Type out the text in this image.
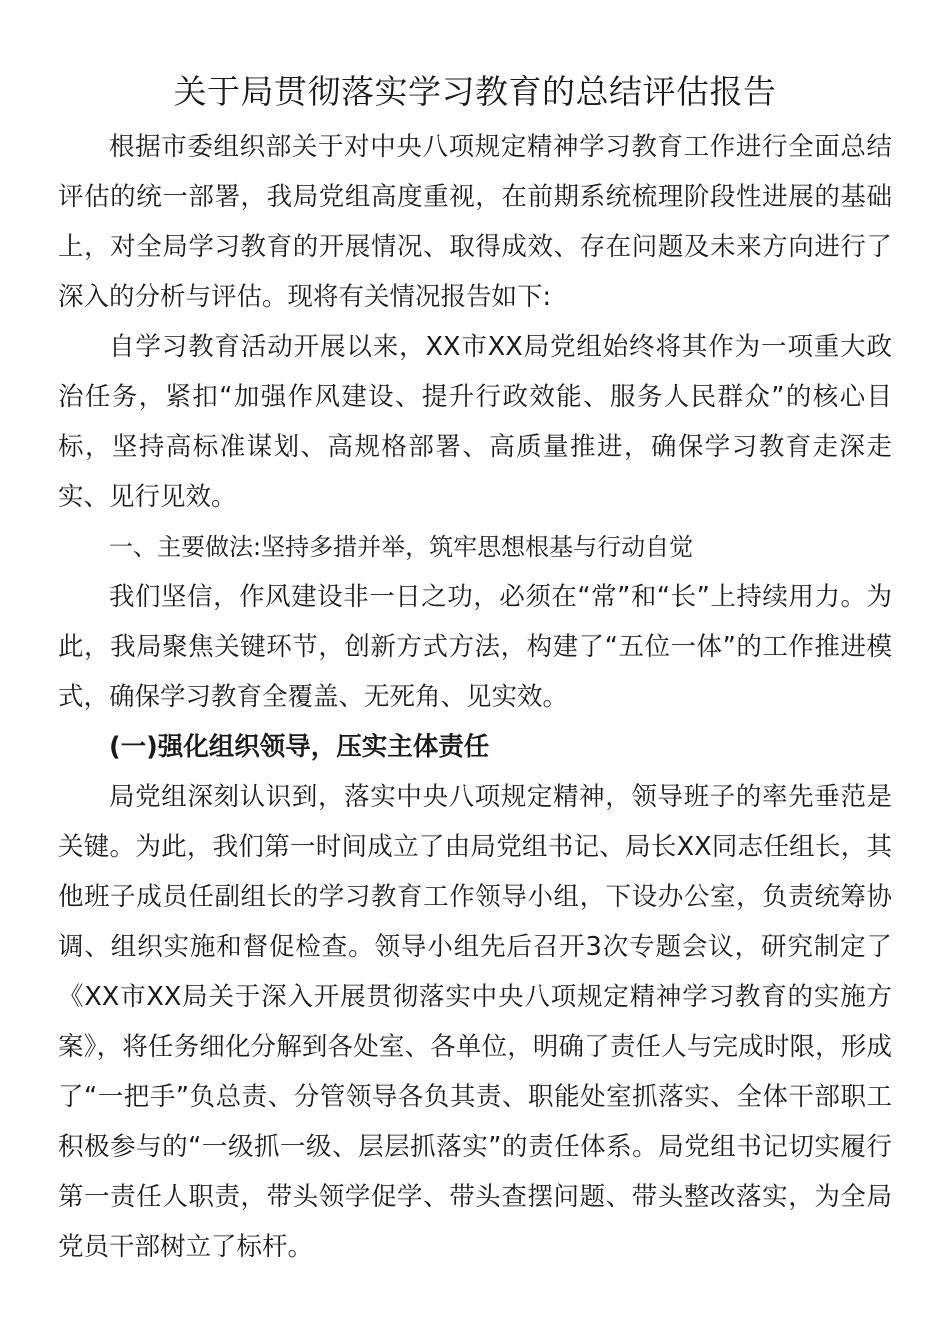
关于局贯彻落实学习教育的总结评估报告

根据市委组织部关于对中央八项规定精神学习教育工作进行全面总结评估的统一部署，我局党组高度重视，在前期系统梳理阶段性进展的基础上，对全局学习教育的开展情况、取得成效、存在问题及未来方向进行了深入的分析与评估。现将有关情况报告如下:

自学习教育活动开展以来，XX市XX局党组始终将其作为一项重大政治任务，紧扣“加强作风建设、提升行政效能、服务人民群众”的核心目标，坚持高标准谋划、高规格部署、高质量推进，确保学习教育走深走实、见行见效。

一、主要做法:坚持多措并举，筑牢思想根基与行动自觉

我们坚信，作风建设非一日之功，必须在“常”和“长”上持续用力。为此，我局聚焦关键环节，创新方式方法，构建了“五位一体”的工作推进模式，确保学习教育全覆盖、无死角、见实效。

(一)强化组织领导，压实主体责任

局党组深刻认识到，落实中央八项规定精神，领导班子的率先垂范是关键。为此，我们第一时间成立了由局党组书记、局长XX同志任组长，其他班子成员任副组长的学习教育工作领导小组，下设办公室，负责统筹协调、组织实施和督促检查。领导小组先后召开3次专题会议，研究制定了《XX市XX局关于深入开展贯彻落实中央八项规定精神学习教育的实施方案》，将任务细化分解到各处室、各单位，明确了责任人与完成时限，形成了“一把手”负总责、分管领导各负其责、职能处室抓落实、全体干部职工积极参与的“一级抓一级、层层抓落实”的责任体系。局党组书记切实履行第一责任人职责，带头领学促学、带头查摆问题、带头整改落实，为全局党员干部树立了标杆。
